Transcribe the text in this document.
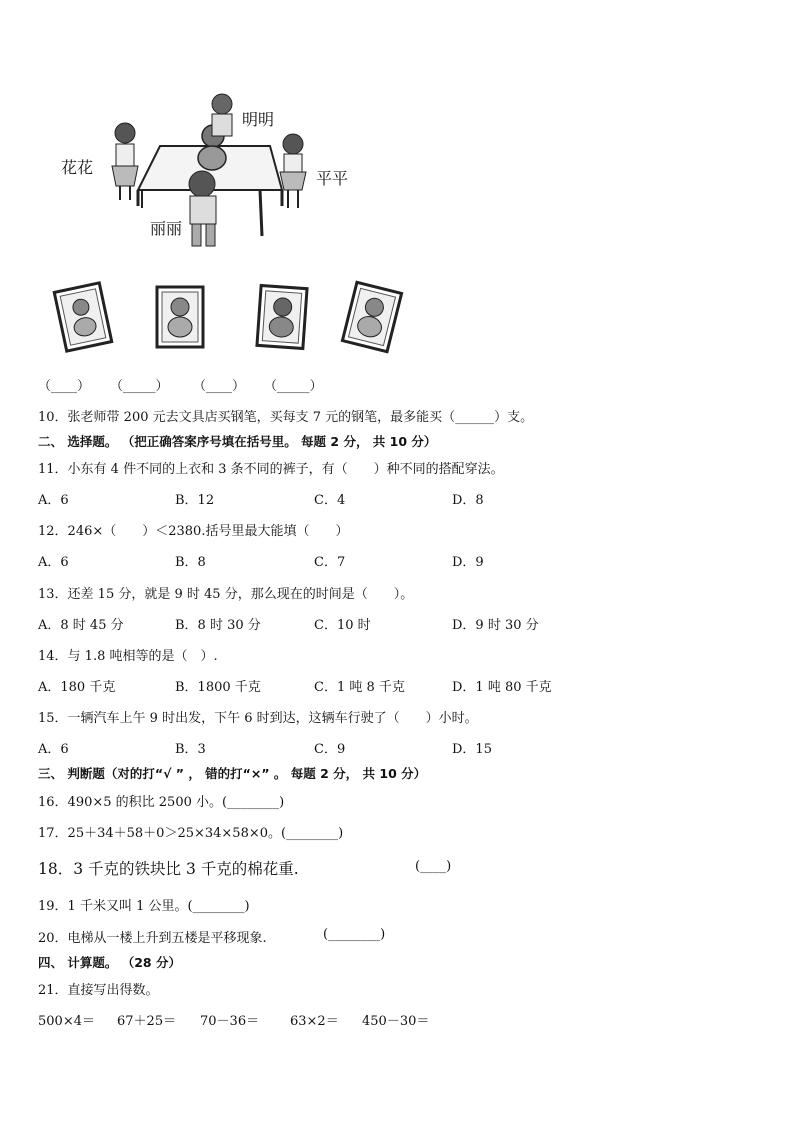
花花
明明
平平
丽丽
（____） （_____） （____） （_____）
10．张老师带 200 元去文具店买钢笔，买每支 7 元的钢笔，最多能买（______）支。
二、 选择题。 （把正确答案序号填在括号里。 每题 2 分， 共 10 分）
11．小东有 4 件不同的上衣和 3 条不同的裤子，有（　　）种不同的搭配穿法。
A．6	B．12	C．4	D．8
12．246×（　　）＜2380.括号里最大能填（　　）
A．6	B．8	C．7	D．9
13．还差 15 分，就是 9 时 45 分，那么现在的时间是（　　）。
A．8 时 45 分	B．8 时 30 分	C．10 时	D．9 时 30 分
14．与 1.8 吨相等的是（　）.
A．180 千克	B．1800 千克	C．1 吨 8 千克	D．1 吨 80 千克
15．一辆汽车上午 9 时出发，下午 6 时到达，这辆车行驶了（　　）小时。
A．6	B．3	C．9	D．15
三、 判断题（对的打“√ ” ， 错的打“×” 。 每题 2 分， 共 10 分）
16．490×5 的积比 2500 小。(________)
17．25＋34＋58＋0＞25×34×58×0。(________)
18．3 千克的铁块比 3 千克的棉花重.	(____)
19．1 千米又叫 1 公里。(________)
20．电梯从一楼上升到五楼是平移现象.	(________)
四、 计算题。 （28 分）
21．直接写出得数。
500×4＝ 67＋25＝ 70－36＝ 63×2＝ 450－30＝
